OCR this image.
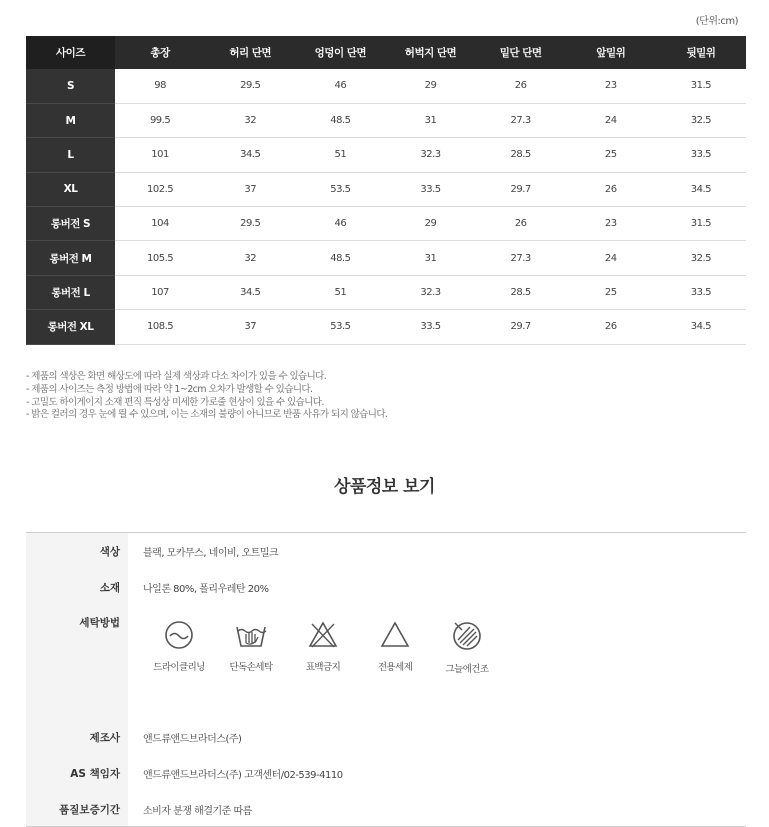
(단위:cm)
사이즈	총장	허리 단면	엉덩이 단면	허벅지 단면	밑단 단면	앞밑위	뒷밑위
S	98	29.5	46	29	26	23	31.5
M	99.5	32	48.5	31	27.3	24	32.5
L	101	34.5	51	32.3	28.5	25	33.5
XL	102.5	37	53.5	33.5	29.7	26	34.5
롱버전 S	104	29.5	46	29	26	23	31.5
롱버전 M	105.5	32	48.5	31	27.3	24	32.5
롱버전 L	107	34.5	51	32.3	28.5	25	33.5
롱버전 XL	108.5	37	53.5	33.5	29.7	26	34.5
- 제품의 색상은 화면 해상도에 따라 실제 색상과 다소 차이가 있을 수 있습니다.
- 제품의 사이즈는 측정 방법에 따라 약 1~2cm 오차가 발생할 수 있습니다.
- 고밀도 하이게이지 소재 편직 특성상 미세한 가로줄 현상이 있을 수 있습니다.
- 밝은 컬러의 경우 눈에 띌 수 있으며, 이는 소재의 불량이 아니므로 반품 사유가 되지 않습니다.
상품정보 보기
색상	블랙, 모카무스, 네이비, 오트밀크
소재	나일론 80%, 폴리우레탄 20%
세탁방법
드라이클리닝	단독손세탁	표백금지	전용세제	그늘에건조
제조사	앤드류앤드브라더스(주)
AS 책임자	앤드류앤드브라더스(주) 고객센터/02-539-4110
품질보증기간	소비자 분쟁 해결기준 따름
